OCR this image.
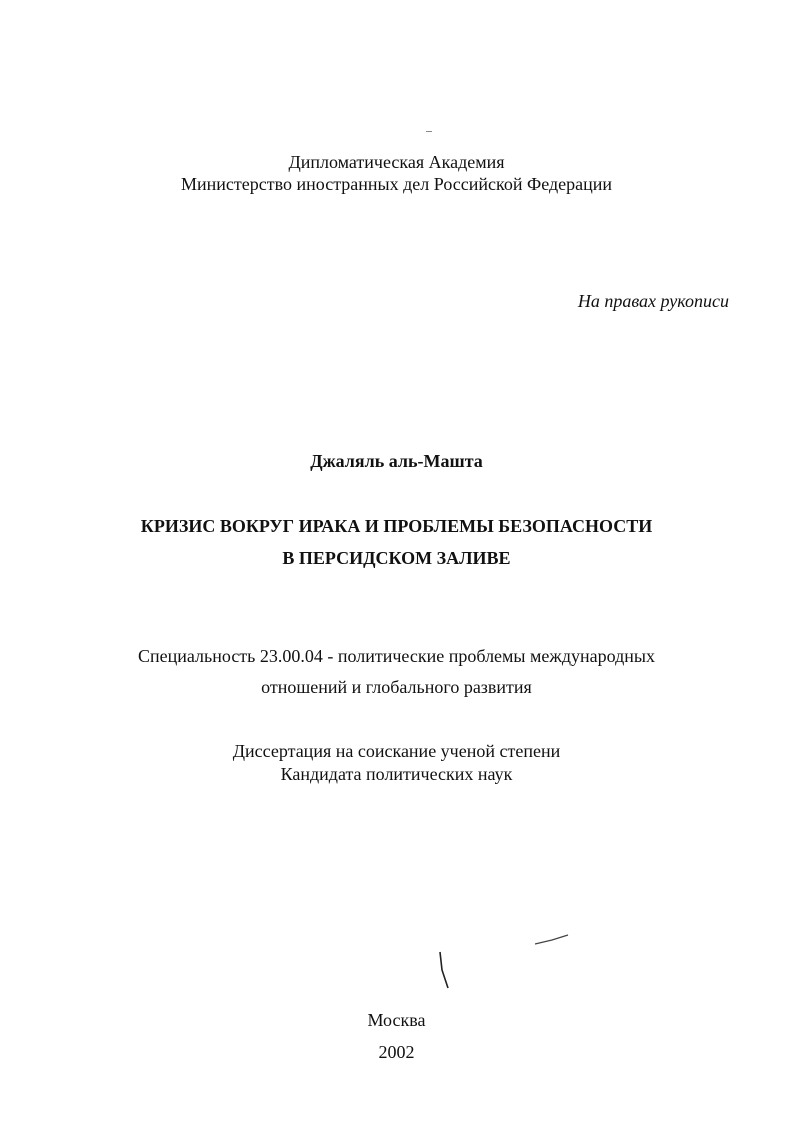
Дипломатическая Академия
Министерство иностранных дел Российской Федерации
На правах рукописи
Джаляль аль-Машта
КРИЗИС ВОКРУГ ИРАКА И ПРОБЛЕМЫ БЕЗОПАСНОСТИ
В ПЕРСИДСКОМ ЗАЛИВЕ
Специальность 23.00.04 - политические проблемы международных
отношений и глобального развития
Диссертация на соискание ученой степени
Кандидата политических наук
Москва
2002
